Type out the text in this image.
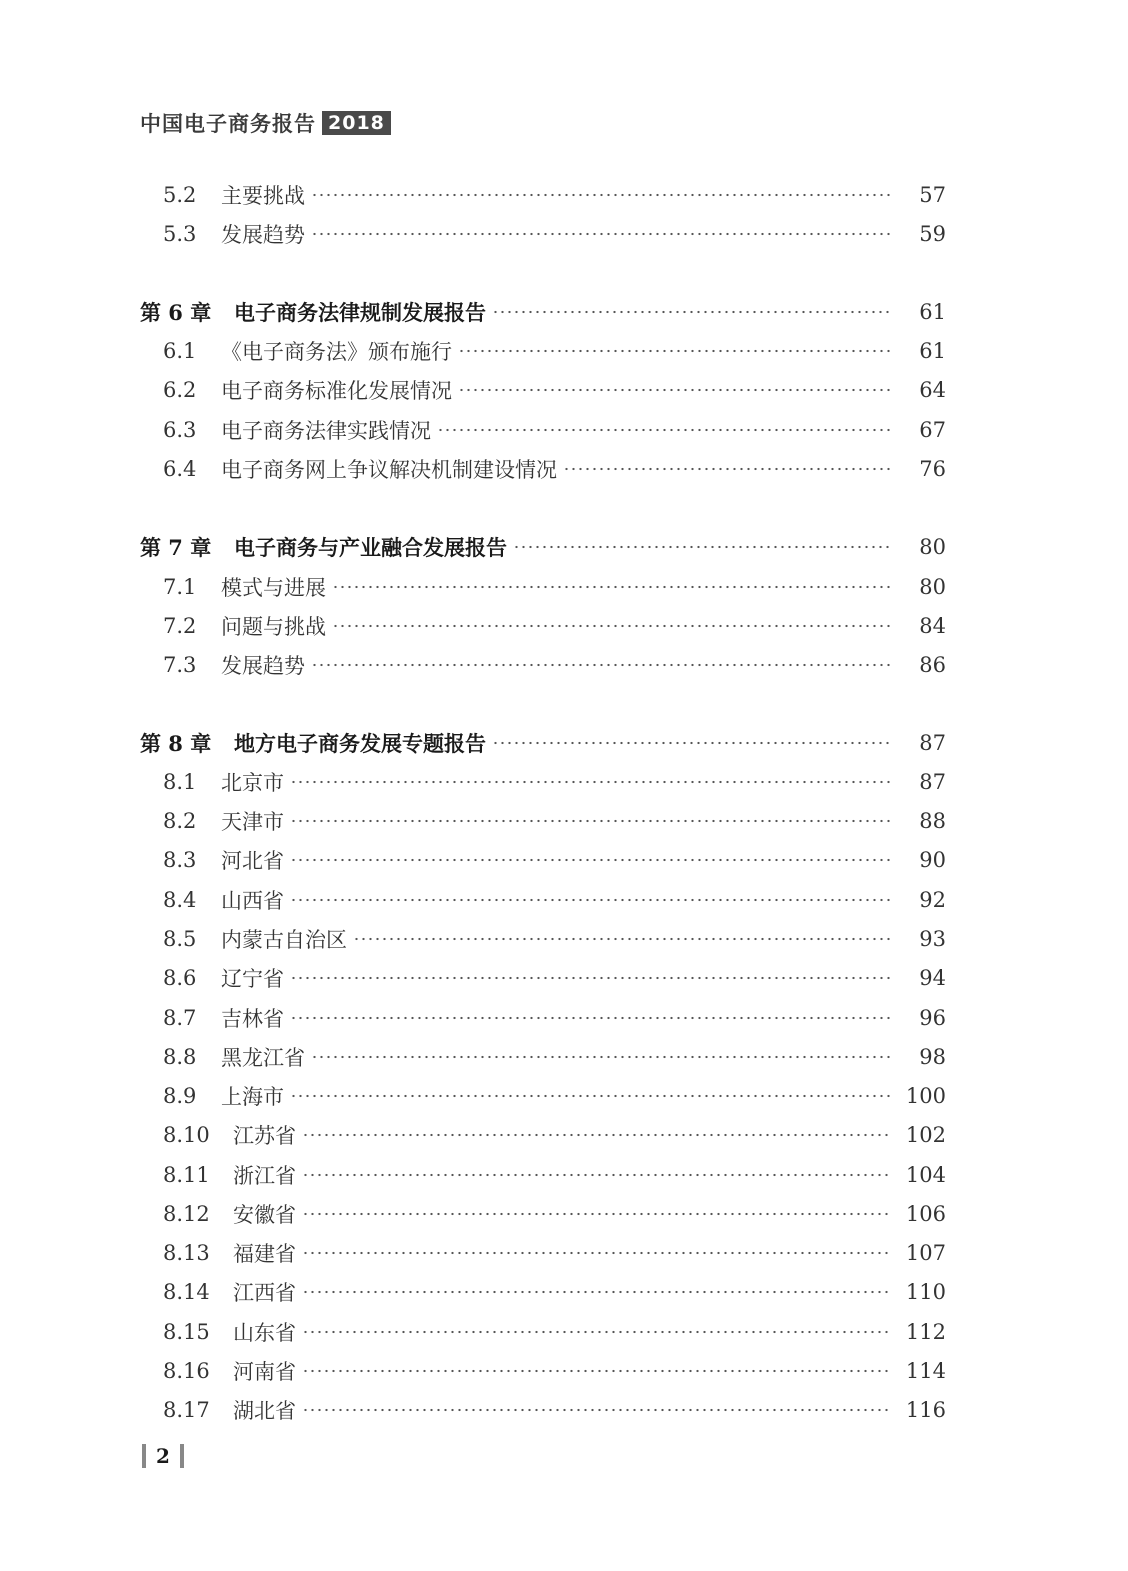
中国电子商务报告 2018
5.2	主要挑战	57
5.3	发展趋势	59
第 6 章	电子商务法律规制发展报告	61
6.1	《电子商务法》颁布施行	61
6.2	电子商务标准化发展情况	64
6.3	电子商务法律实践情况	67
6.4	电子商务网上争议解决机制建设情况	76
第 7 章	电子商务与产业融合发展报告	80
7.1	模式与进展	80
7.2	问题与挑战	84
7.3	发展趋势	86
第 8 章	地方电子商务发展专题报告	87
8.1	北京市	87
8.2	天津市	88
8.3	河北省	90
8.4	山西省	92
8.5	内蒙古自治区	93
8.6	辽宁省	94
8.7	吉林省	96
8.8	黑龙江省	98
8.9	上海市	100
8.10	江苏省	102
8.11	浙江省	104
8.12	安徽省	106
8.13	福建省	107
8.14	江西省	110
8.15	山东省	112
8.16	河南省	114
8.17	湖北省	116
2
